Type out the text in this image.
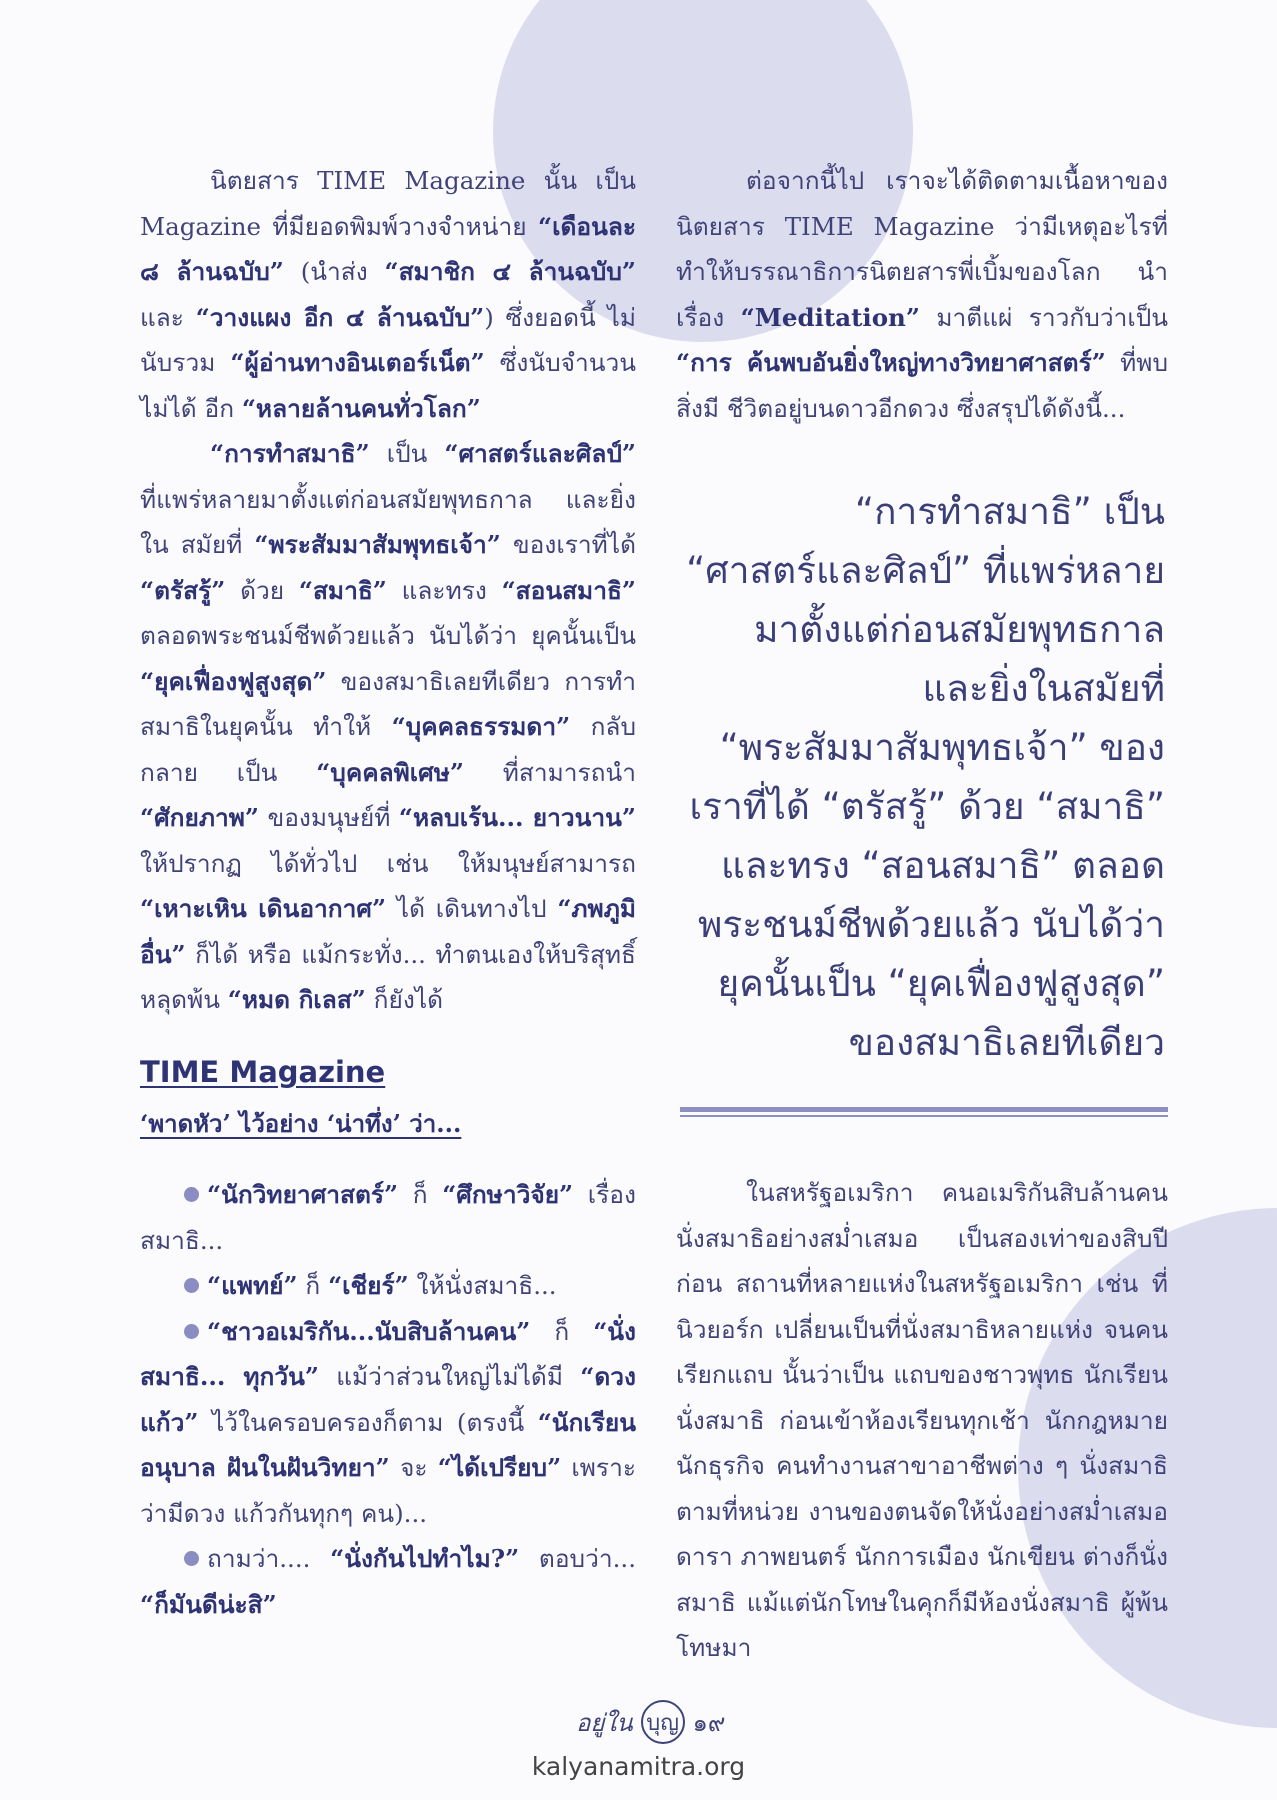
นิตยสาร TIME Magazine นั้น เป็น Magazine ที่มียอดพิมพ์วางจำหน่าย “เดือนละ ๘ ล้านฉบับ” (นำส่ง “สมาชิก ๔ ล้านฉบับ” และ “วางแผง อีก ๔ ล้านฉบับ”) ซึ่งยอดนี้ ไม่นับรวม “ผู้อ่านทางอินเตอร์เน็ต” ซึ่งนับจำนวนไม่ได้ อีก “หลายล้านคนทั่วโลก”

“การทำสมาธิ” เป็น “ศาสตร์และศิลป์” ที่แพร่หลายมาตั้งแต่ก่อนสมัยพุทธกาล และยิ่งใน สมัยที่ “พระสัมมาสัมพุทธเจ้า” ของเราที่ได้ “ตรัสรู้” ด้วย “สมาธิ” และทรง “สอนสมาธิ” ตลอดพระชนม์ชีพด้วยแล้ว นับได้ว่า ยุคนั้นเป็น “ยุคเฟื่องฟูสูงสุด” ของสมาธิเลยทีเดียว การทำ สมาธิในยุคนั้น ทำให้ “บุคคลธรรมดา” กลับกลาย เป็น “บุคคลพิเศษ” ที่สามารถนำ “ศักยภาพ” ของมนุษย์ที่ “หลบเร้น... ยาวนาน” ให้ปรากฏ ได้ทั่วไป เช่น ให้มนุษย์สามารถ “เหาะเหิน เดินอากาศ” ได้ เดินทางไป “ภพภูมิอื่น” ก็ได้ หรือ แม้กระทั่ง... ทำตนเองให้บริสุทธิ์หลุดพ้น “หมด กิเลส” ก็ยังได้

TIME Magazine
‘พาดหัว’ ไว้อย่าง ‘น่าทึ่ง’ ว่า...

“นักวิทยาศาสตร์” ก็ “ศึกษาวิจัย” เรื่อง สมาธิ...

“แพทย์” ก็ “เชียร์” ให้นั่งสมาธิ...

“ชาวอเมริกัน...นับสิบล้านคน” ก็ “นั่ง สมาธิ... ทุกวัน” แม้ว่าส่วนใหญ่ไม่ได้มี “ดวงแก้ว” ไว้ในครอบครองก็ตาม (ตรงนี้ “นักเรียนอนุบาล ฝันในฝันวิทยา” จะ “ได้เปรียบ” เพราะว่ามีดวง แก้วกันทุกๆ คน)...

ถามว่า.... “นั่งกันไปทำไม?” ตอบว่า... “ก็มันดีน่ะสิ”

ต่อจากนี้ไป เราจะได้ติดตามเนื้อหาของ นิตยสาร TIME Magazine ว่ามีเหตุอะไรที่ ทำให้บรรณาธิการนิตยสารพี่เบิ้มของโลก นำเรื่อง “Meditation” มาตีแผ่ ราวกับว่าเป็น “การ ค้นพบอันยิ่งใหญ่ทางวิทยาศาสตร์” ที่พบสิ่งมี ชีวิตอยู่บนดาวอีกดวง ซึ่งสรุปได้ดังนี้...

“การทำสมาธิ” เป็น
“ศาสตร์และศิลป์” ที่แพร่หลาย
มาตั้งแต่ก่อนสมัยพุทธกาล
และยิ่งในสมัยที่
“พระสัมมาสัมพุทธเจ้า” ของ
เราที่ได้ “ตรัสรู้” ด้วย “สมาธิ”
และทรง “สอนสมาธิ” ตลอด
พระชนม์ชีพด้วยแล้ว นับได้ว่า
ยุคนั้นเป็น “ยุคเฟื่องฟูสูงสุด”
ของสมาธิเลยทีเดียว

ในสหรัฐอเมริกา คนอเมริกันสิบล้านคน นั่งสมาธิอย่างสม่ำเสมอ เป็นสองเท่าของสิบปีก่อน สถานที่หลายแห่งในสหรัฐอเมริกา เช่น ที่นิวยอร์ก เปลี่ยนเป็นที่นั่งสมาธิหลายแห่ง จนคนเรียกแถบ นั้นว่าเป็น แถบของชาวพุทธ นักเรียนนั่งสมาธิ ก่อนเข้าห้องเรียนทุกเช้า นักกฎหมาย นักธุรกิจ คนทำงานสาขาอาชีพต่าง ๆ นั่งสมาธิตามที่หน่วย งานของตนจัดให้นั่งอย่างสม่ำเสมอ ดารา ภาพยนตร์ นักการเมือง นักเขียน ต่างก็นั่งสมาธิ แม้แต่นักโทษในคุกก็มีห้องนั่งสมาธิ ผู้พ้นโทษมา

อยู่ใน บุญ ๑๙
kalyanamitra.org
